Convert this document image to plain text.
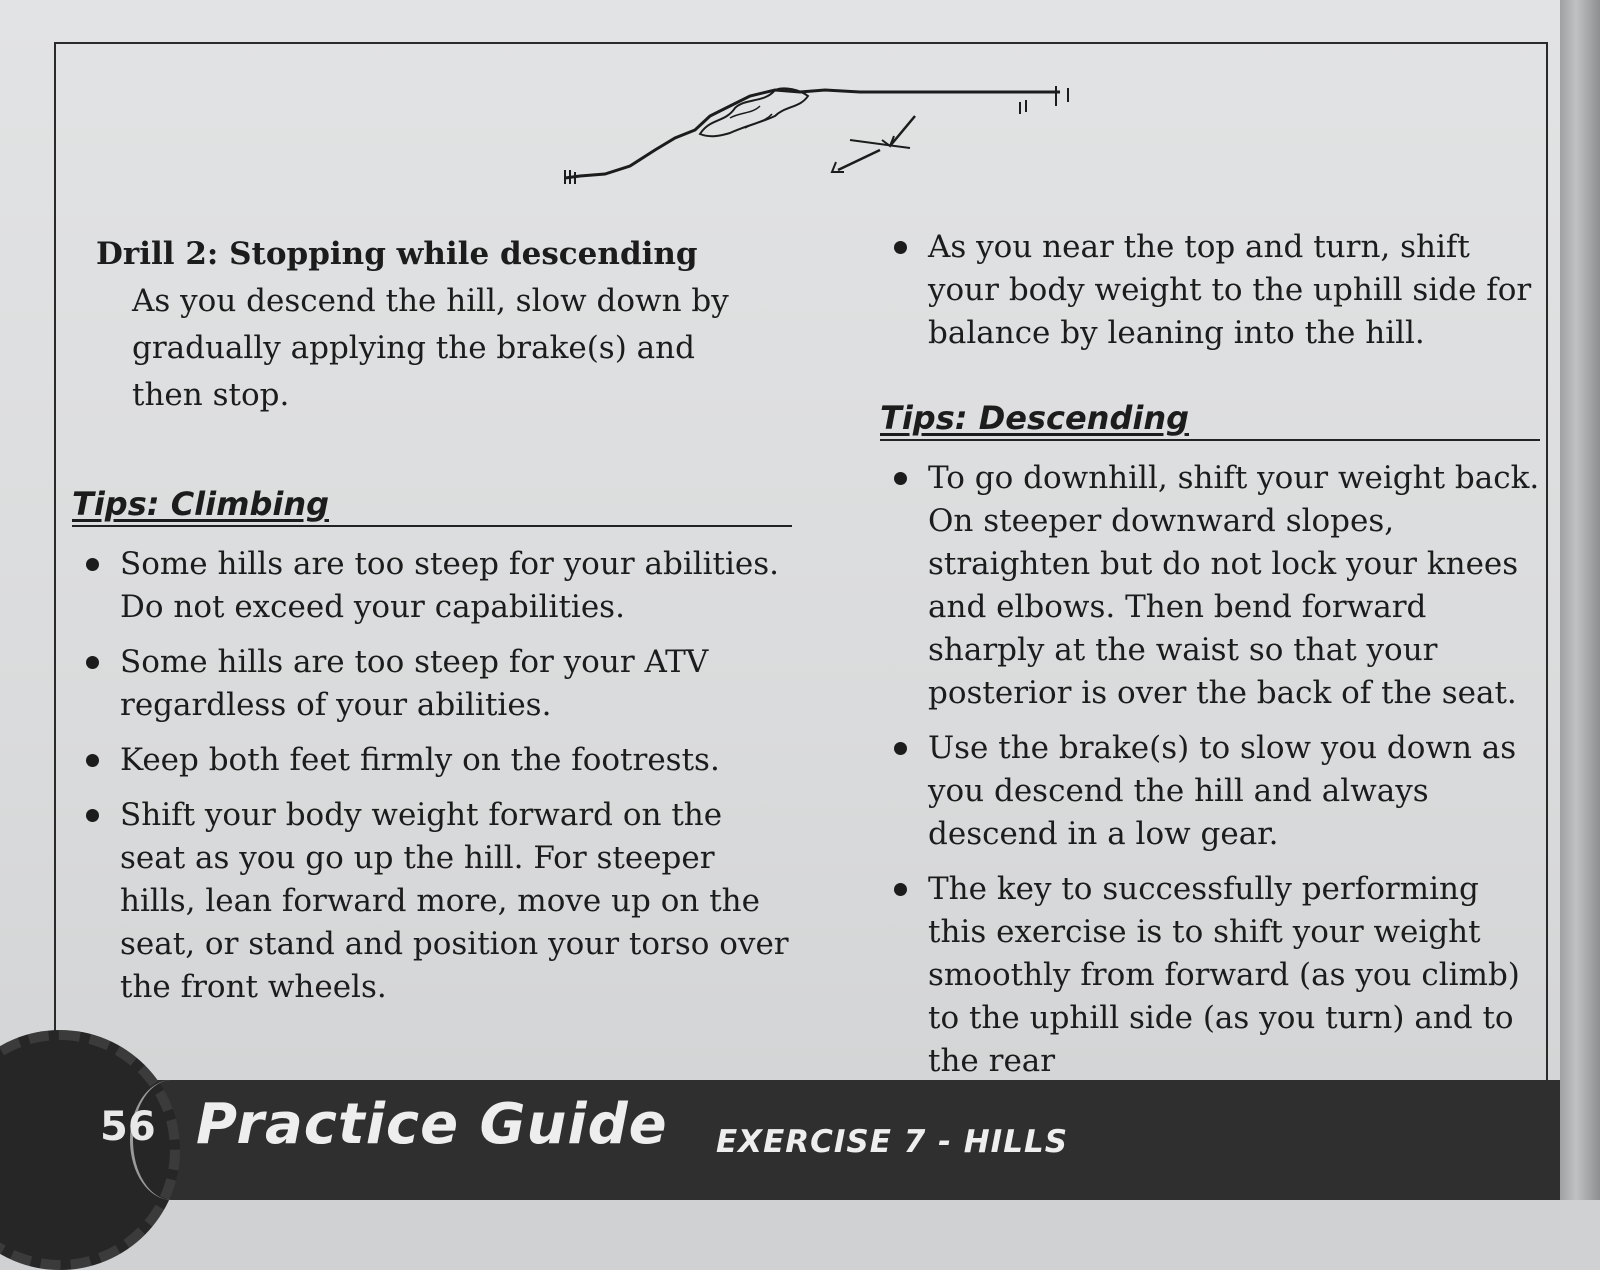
Drill 2: Stopping while descending
As you descend the hill, slow down by gradually applying the brake(s) and then stop.
Tips: Climbing
Some hills are too steep for your abilities. Do not exceed your capabilities.
Some hills are too steep for your ATV regardless of your abilities.
Keep both feet firmly on the footrests.
Shift your body weight forward on the seat as you go up the hill. For steeper hills, lean forward more, move up on the seat, or stand and position your torso over the front wheels.
As you near the top and turn, shift your body weight to the uphill side for balance by leaning into the hill.
Tips: Descending
To go downhill, shift your weight back. On steeper downward slopes, straighten but do not lock your knees and elbows. Then bend forward sharply at the waist so that your posterior is over the back of the seat.
Use the brake(s) to slow you down as you descend the hill and always descend in a low gear.
The key to successfully performing this exercise is to shift your weight smoothly from forward (as you climb) to the uphill side (as you turn) and to the rear
56 Practice Guide EXERCISE 7 - HILLS
